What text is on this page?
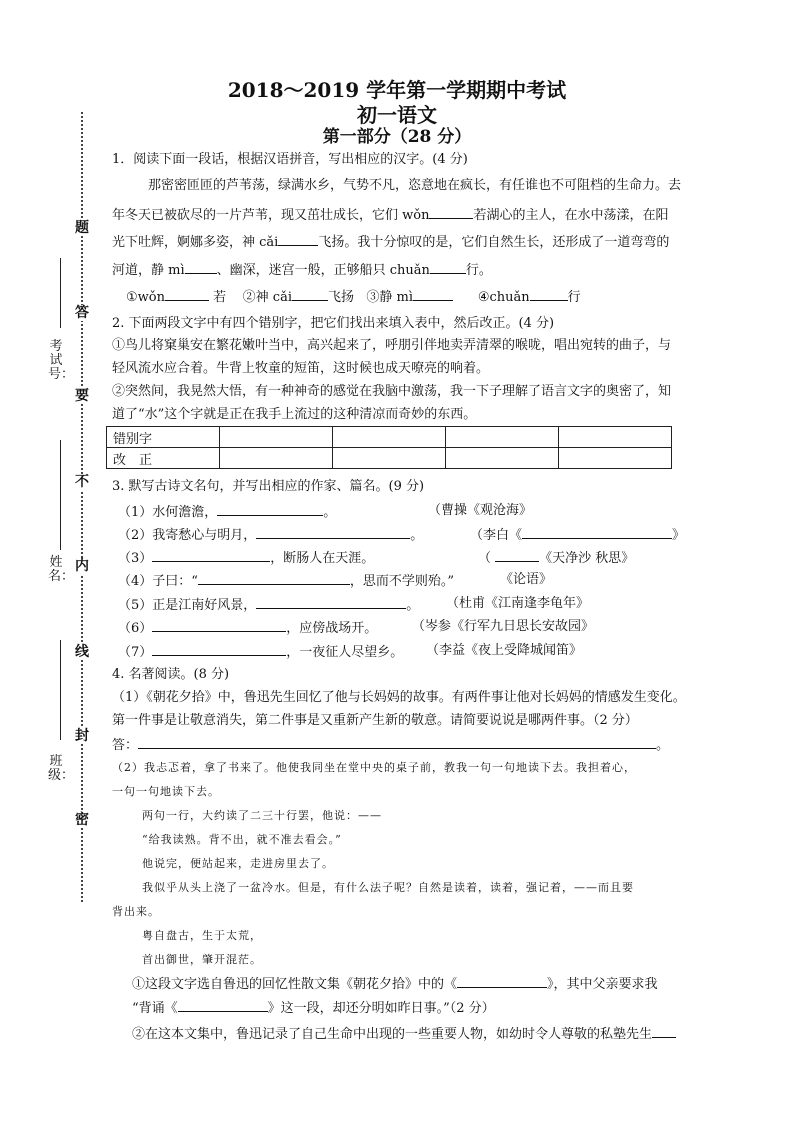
2018～2019 学年第一学期期中考试
初一语文
第一部分（28 分）
题
答
要
不
内
线
封
密
考试号：
姓名：
班级：
1．阅读下面一段话，根据汉语拼音，写出相应的汉字。(4 分)
那密密匝匝的芦苇荡，绿满水乡，气势不凡，恣意地在疯长，有任谁也不可阻档的生命力。去
年冬天已被砍尽的一片芦苇，现又茁壮成长，它们 wǒn	若湖心的主人，在水中荡漾，在阳
光下吐辉，婀娜多姿，神 cǎi	飞扬。我十分惊叹的是，它们自然生长，还形成了一道弯弯的
河道，静 mì 、幽深，迷宫一般，正够船只 chuǎn	行。
①wǒn	若 ②神 cǎi	飞扬 ③静 mì	④chuǎn	行
2. 下面两段文字中有四个错别字，把它们找出来填入表中，然后改正。(4 分)
①鸟儿将窠巢安在繁花嫩叶当中，高兴起来了，呼朋引伴地卖弄清翠的喉咙，唱出宛转的曲子，与
轻风流水应合着。牛背上牧童的短笛，这时候也成天嘹亮的响着。
②突然间，我晃然大悟，有一种神奇的感觉在我脑中激荡，我一下子理解了语言文字的奥密了，知
道了“水”这个字就是正在我手上流过的这种清凉而奇妙的东西。
错别字				
改　正				
3. 默写古诗文名句，并写出相应的作家、篇名。(9 分)
（1）水何澹澹，	。	（曹操《观沧海》
（2）我寄愁心与明月，	。	（李白《	》
（3）	，断肠人在天涯。	（	《天净沙 秋思》
（4）子曰：“	，思而不学则殆。”	《论语》
（5）正是江南好风景，	。 （杜甫《江南逢李龟年》
（6）	，应傍战场开。	（岑参《行军九日思长安故园》
（7）	，一夜征人尽望乡。 （李益《夜上受降城闻笛》
4. 名著阅读。(8 分)
（1）《朝花夕拾》中，鲁迅先生回忆了他与长妈妈的故事。有两件事让他对长妈妈的情感发生变化。
第一件事是让敬意消失，第二件事是又重新产生新的敬意。请简要说说是哪两件事。（2 分）
答：	。
（2）我忐忑着，拿了书来了。他使我同坐在堂中央的桌子前，教我一句一句地读下去。我担着心，
一句一句地读下去。
两句一行，大约读了二三十行罢，他说：——
“给我读熟。背不出，就不准去看会。”
他说完，便站起来，走进房里去了。
我似乎从头上浇了一盆冷水。但是，有什么法子呢？自然是读着，读着，强记着，——而且要
背出来。
粤自盘古，生于太荒，
首出御世，肇开混茫。
①这段文字选自鲁迅的回忆性散文集《朝花夕拾》中的《	》，其中父亲要求我
“背诵《	》这一段，却还分明如昨日事。”（2 分）
②在这本文集中，鲁迅记录了自己生命中出现的一些重要人物，如幼时令人尊敬的私塾先生
